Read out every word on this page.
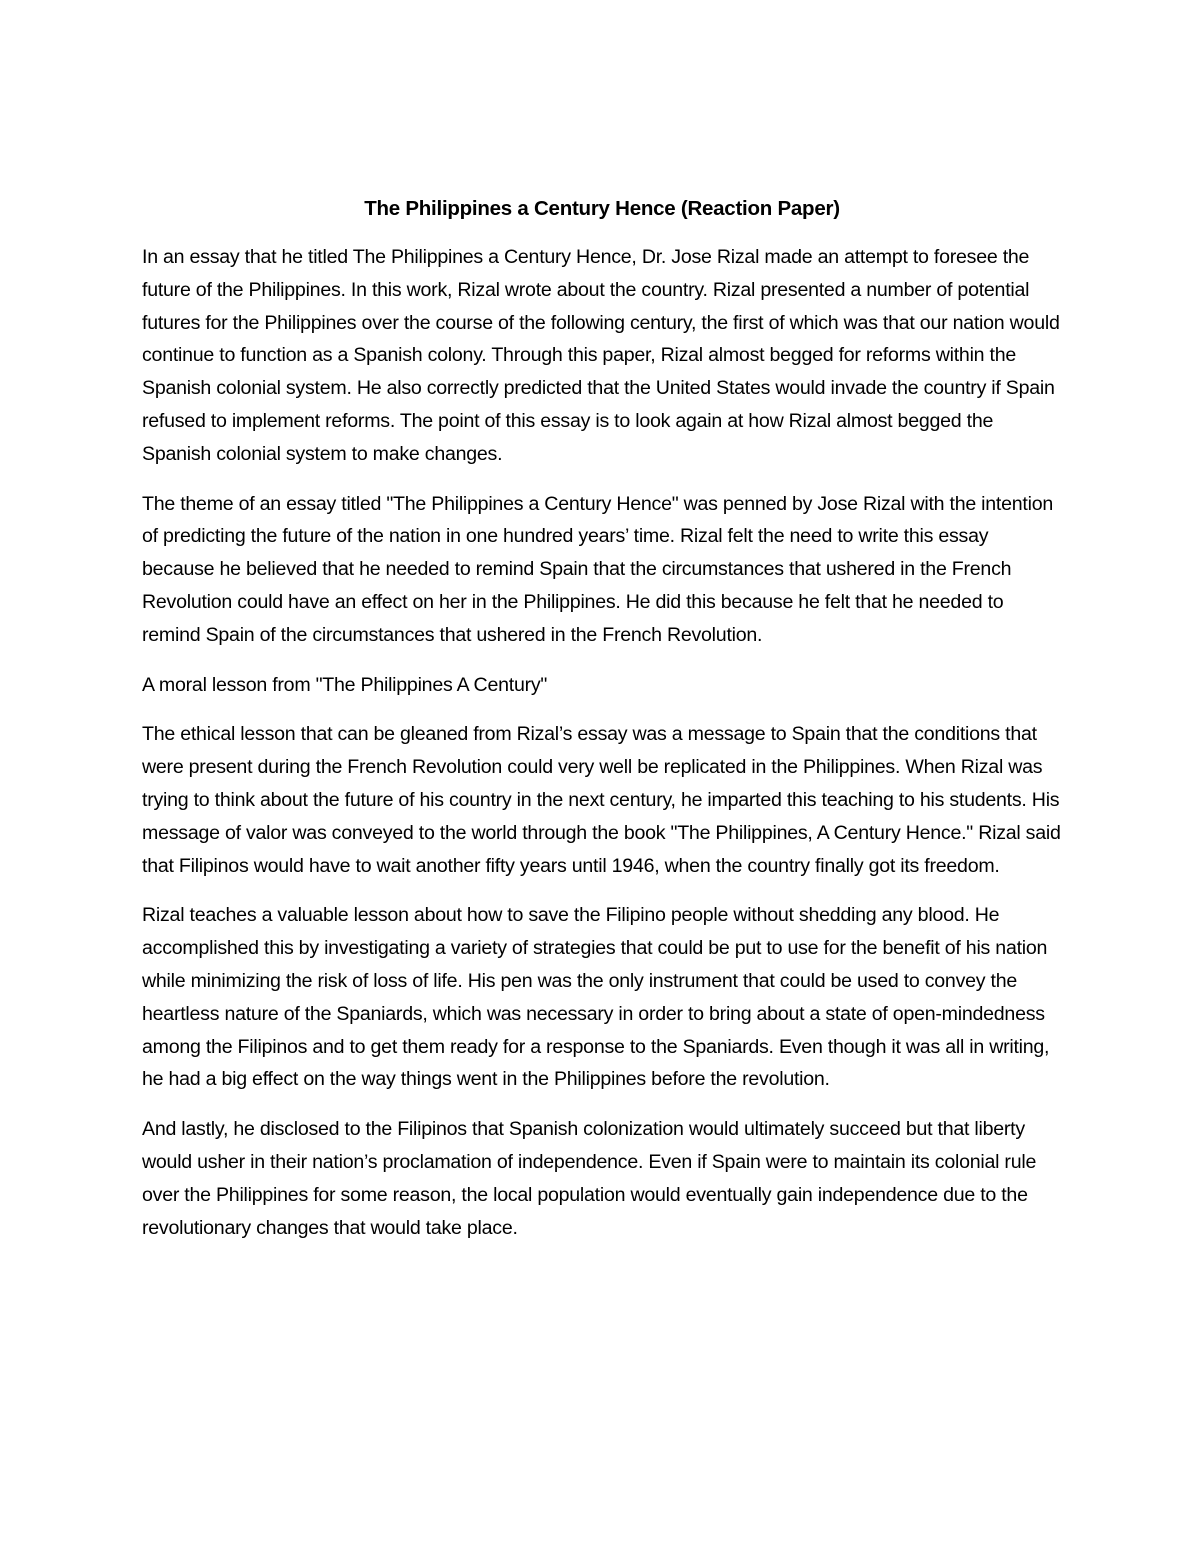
The Philippines a Century Hence (Reaction Paper)

In an essay that he titled The Philippines a Century Hence, Dr. Jose Rizal made an attempt to foresee the future of the Philippines. In this work, Rizal wrote about the country. Rizal presented a number of potential futures for the Philippines over the course of the following century, the first of which was that our nation would continue to function as a Spanish colony. Through this paper, Rizal almost begged for reforms within the Spanish colonial system. He also correctly predicted that the United States would invade the country if Spain refused to implement reforms. The point of this essay is to look again at how Rizal almost begged the Spanish colonial system to make changes.

The theme of an essay titled "The Philippines a Century Hence" was penned by Jose Rizal with the intention of predicting the future of the nation in one hundred years’ time. Rizal felt the need to write this essay because he believed that he needed to remind Spain that the circumstances that ushered in the French Revolution could have an effect on her in the Philippines. He did this because he felt that he needed to remind Spain of the circumstances that ushered in the French Revolution.

A moral lesson from "The Philippines A Century"

The ethical lesson that can be gleaned from Rizal’s essay was a message to Spain that the conditions that were present during the French Revolution could very well be replicated in the Philippines. When Rizal was trying to think about the future of his country in the next century, he imparted this teaching to his students. His message of valor was conveyed to the world through the book "The Philippines, A Century Hence." Rizal said that Filipinos would have to wait another fifty years until 1946, when the country finally got its freedom.

Rizal teaches a valuable lesson about how to save the Filipino people without shedding any blood. He accomplished this by investigating a variety of strategies that could be put to use for the benefit of his nation while minimizing the risk of loss of life. His pen was the only instrument that could be used to convey the heartless nature of the Spaniards, which was necessary in order to bring about a state of open-mindedness among the Filipinos and to get them ready for a response to the Spaniards. Even though it was all in writing, he had a big effect on the way things went in the Philippines before the revolution.

And lastly, he disclosed to the Filipinos that Spanish colonization would ultimately succeed but that liberty would usher in their nation’s proclamation of independence. Even if Spain were to maintain its colonial rule over the Philippines for some reason, the local population would eventually gain independence due to the revolutionary changes that would take place.
